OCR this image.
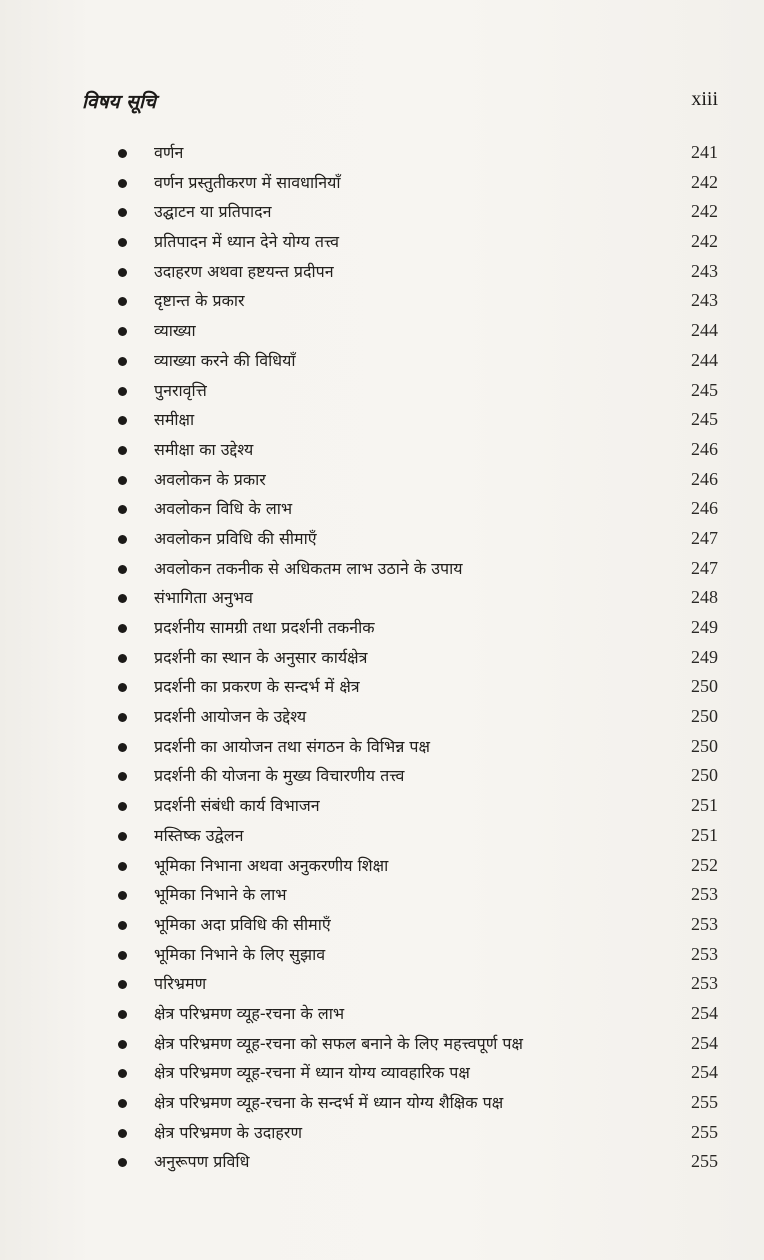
विषय सूचि	xiii
वर्णन	241
वर्णन प्रस्तुतीकरण में सावधानियाँ	242
उद्घाटन या प्रतिपादन	242
प्रतिपादन में ध्यान देने योग्य तत्त्व	242
उदाहरण अथवा हष्टयन्त प्रदीपन	243
दृष्टान्त के प्रकार	243
व्याख्या	244
व्याख्या करने की विधियाँ	244
पुनरावृत्ति	245
समीक्षा	245
समीक्षा का उद्देश्य	246
अवलोकन के प्रकार	246
अवलोकन विधि के लाभ	246
अवलोकन प्रविधि की सीमाएँ	247
अवलोकन तकनीक से अधिकतम लाभ उठाने के उपाय	247
संभागिता अनुभव	248
प्रदर्शनीय सामग्री तथा प्रदर्शनी तकनीक	249
प्रदर्शनी का स्थान के अनुसार कार्यक्षेत्र	249
प्रदर्शनी का प्रकरण के सन्दर्भ में क्षेत्र	250
प्रदर्शनी आयोजन के उद्देश्य	250
प्रदर्शनी का आयोजन तथा संगठन के विभिन्न पक्ष	250
प्रदर्शनी की योजना के मुख्य विचारणीय तत्त्व	250
प्रदर्शनी संबंधी कार्य विभाजन	251
मस्तिष्क उद्वेलन	251
भूमिका निभाना अथवा अनुकरणीय शिक्षा	252
भूमिका निभाने के लाभ	253
भूमिका अदा प्रविधि की सीमाएँ	253
भूमिका निभाने के लिए सुझाव	253
परिभ्रमण	253
क्षेत्र परिभ्रमण व्यूह-रचना के लाभ	254
क्षेत्र परिभ्रमण व्यूह-रचना को सफल बनाने के लिए महत्त्वपूर्ण पक्ष	254
क्षेत्र परिभ्रमण व्यूह-रचना में ध्यान योग्य व्यावहारिक पक्ष	254
क्षेत्र परिभ्रमण व्यूह-रचना के सन्दर्भ में ध्यान योग्य शैक्षिक पक्ष	255
क्षेत्र परिभ्रमण के उदाहरण	255
अनुरूपण प्रविधि	255
